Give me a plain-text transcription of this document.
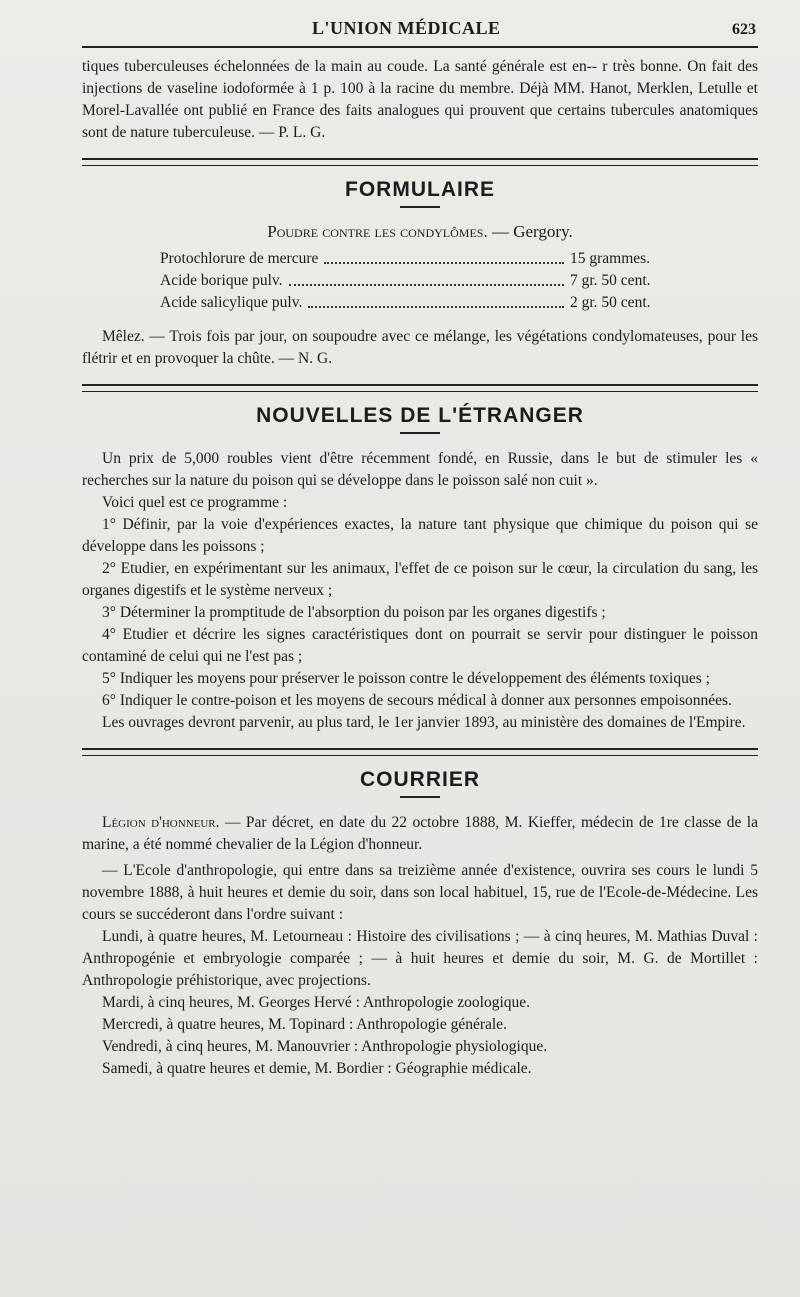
L'UNION MÉDICALE	623

tiques tuberculeuses échelonnées de la main au coude. La santé générale est en-- r très bonne. On fait des injections de vaseline iodoformée à 1 p. 100 à la racine du membre. Déjà MM. Hanot, Merklen, Letulle et Morel-Lavallée ont publié en France des faits analogues qui prouvent que certains tubercules anatomiques sont de nature tuberculeuse. — P. L. G.

FORMULAIRE
Poudre contre les condylômes. — Gergory.
Protochlorure de mercure	15 grammes.
Acide borique pulv.	7 gr. 50 cent.
Acide salicylique pulv.	2 gr. 50 cent.

Mêlez. — Trois fois par jour, on soupoudre avec ce mélange, les végétations condylomateuses, pour les flétrir et en provoquer la chûte. — N. G.

NOUVELLES DE L'ÉTRANGER

Un prix de 5,000 roubles vient d'être récemment fondé, en Russie, dans le but de stimuler les « recherches sur la nature du poison qui se développe dans le poisson salé non cuit ».

Voici quel est ce programme :

1° Définir, par la voie d'expériences exactes, la nature tant physique que chimique du poison qui se développe dans les poissons ;

2° Etudier, en expérimentant sur les animaux, l'effet de ce poison sur le cœur, la circulation du sang, les organes digestifs et le système nerveux ;

3° Déterminer la promptitude de l'absorption du poison par les organes digestifs ;

4° Etudier et décrire les signes caractéristiques dont on pourrait se servir pour distinguer le poisson contaminé de celui qui ne l'est pas ;

5° Indiquer les moyens pour préserver le poisson contre le développement des éléments toxiques ;

6° Indiquer le contre-poison et les moyens de secours médical à donner aux personnes empoisonnées.

Les ouvrages devront parvenir, au plus tard, le 1er janvier 1893, au ministère des domaines de l'Empire.

COURRIER

Légion d'honneur. — Par décret, en date du 22 octobre 1888, M. Kieffer, médecin de 1re classe de la marine, a été nommé chevalier de la Légion d'honneur.

— L'Ecole d'anthropologie, qui entre dans sa treizième année d'existence, ouvrira ses cours le lundi 5 novembre 1888, à huit heures et demie du soir, dans son local habituel, 15, rue de l'Ecole-de-Médecine. Les cours se succéderont dans l'ordre suivant :

Lundi, à quatre heures, M. Letourneau : Histoire des civilisations ; — à cinq heures, M. Mathias Duval : Anthropogénie et embryologie comparée ; — à huit heures et demie du soir, M. G. de Mortillet : Anthropologie préhistorique, avec projections.

Mardi, à cinq heures, M. Georges Hervé : Anthropologie zoologique.

Mercredi, à quatre heures, M. Topinard : Anthropologie générale.

Vendredi, à cinq heures, M. Manouvrier : Anthropologie physiologique.

Samedi, à quatre heures et demie, M. Bordier : Géographie médicale.
